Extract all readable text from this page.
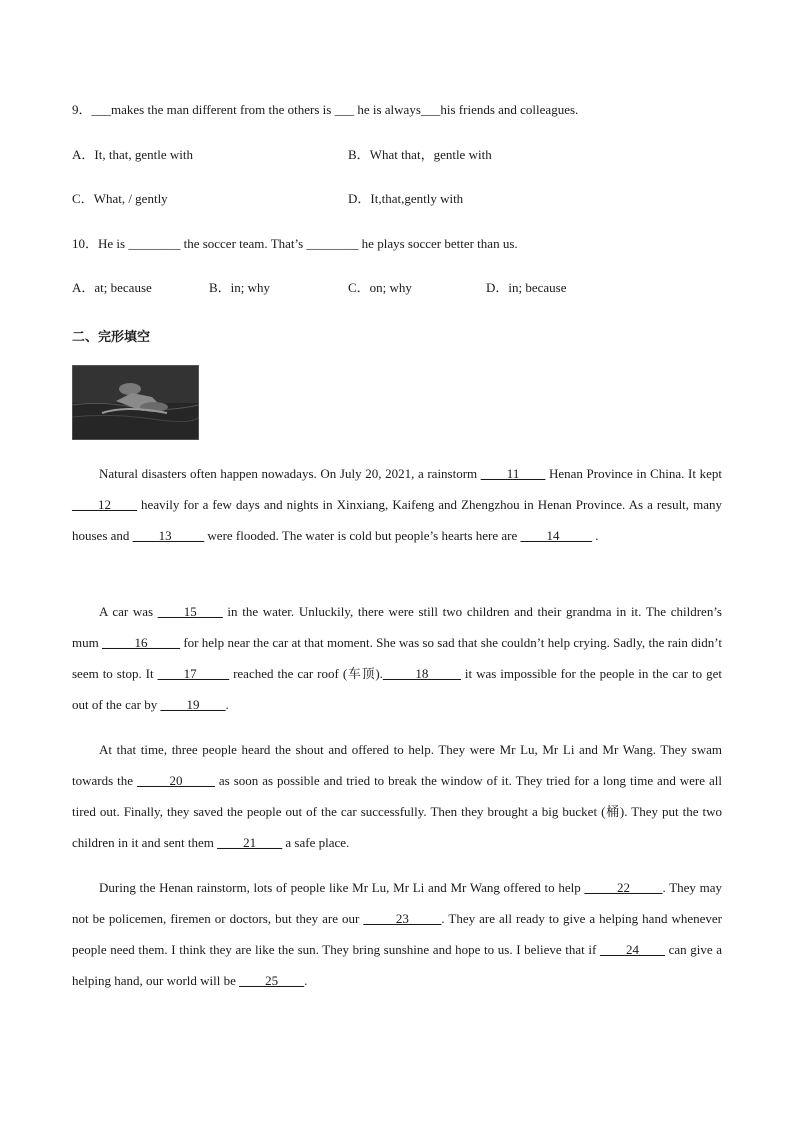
9．___makes the man different from the others is ___ he is always___his friends and colleagues.
A．It, that, gentle with	B．What that，gentle with
C．What, / gently	D．It,that,gently with
10．He is ________ the soccer team. That’s ________ he plays soccer better than us.
A．at; because	B．in; why	C．on; why	D．in; because
二、完形填空
Natural disasters often happen nowadays. On July 20, 2021, a rainstorm ____11____ Henan Province in China. It kept ____12____ heavily for a few days and nights in Xinxiang, Kaifeng and Zhengzhou in Henan Province. As a result, many houses and ____13_____ were flooded. The water is cold but people’s hearts here are ____14_____ .
A car was ____15____ in the water. Unluckily, there were still two children and their grandma in it. The children’s mum _____16_____ for help near the car at that moment. She was so sad that she couldn’t help crying. Sadly, the rain didn’t seem to stop. It ____17_____ reached the car roof (车顶)._____18_____ it was impossible for the people in the car to get out of the car by ____19____.
At that time, three people heard the shout and offered to help. They were Mr Lu, Mr Li and Mr Wang. They swam towards the _____20_____ as soon as possible and tried to break the window of it. They tried for a long time and were all tired out. Finally, they saved the people out of the car successfully. Then they brought a big bucket (桶). They put the two children in it and sent them ____21____ a safe place.
During the Henan rainstorm, lots of people like Mr Lu, Mr Li and Mr Wang offered to help _____22_____. They may not be policemen, firemen or doctors, but they are our _____23_____. They are all ready to give a helping hand whenever people need them. I think they are like the sun. They bring sunshine and hope to us. I believe that if ____24____ can give a helping hand, our world will be ____25____.
